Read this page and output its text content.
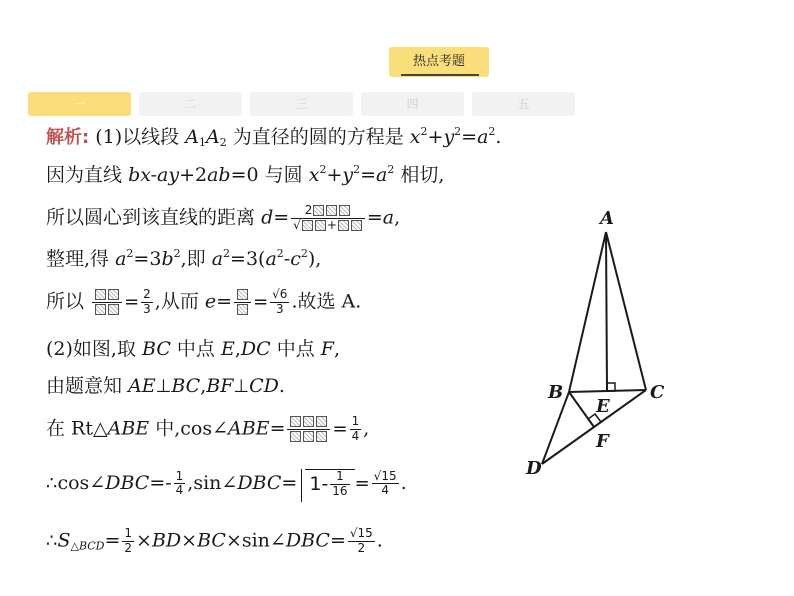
热点考题
一	二	三	四	五
解析: (1)以线段 $A_1A_2$ 为直径的圆的方程是 $x^2+y^2=a^2$.
因为直线 bx-ay+2ab=0 与圆 $x^2+y^2=a^2$ 相切,
所以圆心到该直线的距离 $d= \frac{2}{√ +} =a$,
整理,得 $a^2=3b^2$,即 $a^2=3(a^2-c^2)$,
所以 = $\frac{2}{3}$ ,从而 $e= = \frac{√6}{3}$ .故选 A.
(2)如图,取 BC 中点 E,DC 中点 F,
由题意知 AE⊥BC,BF⊥CD.
在 Rt△ABE 中,cos∠ABE=	= $\frac{1}{4}$ ,
∴cos∠DBC=- $\frac{1}{4}$ ,sin∠DBC= $1- \frac{1}{16} = \frac{√15}{4}$ .
$\therefore S_{\triangle BCD}= \frac{1}{2}$ ×BD×BC×sin∠DBC= $\frac{√15}{2}$ .
A
B	C
E
F
D
